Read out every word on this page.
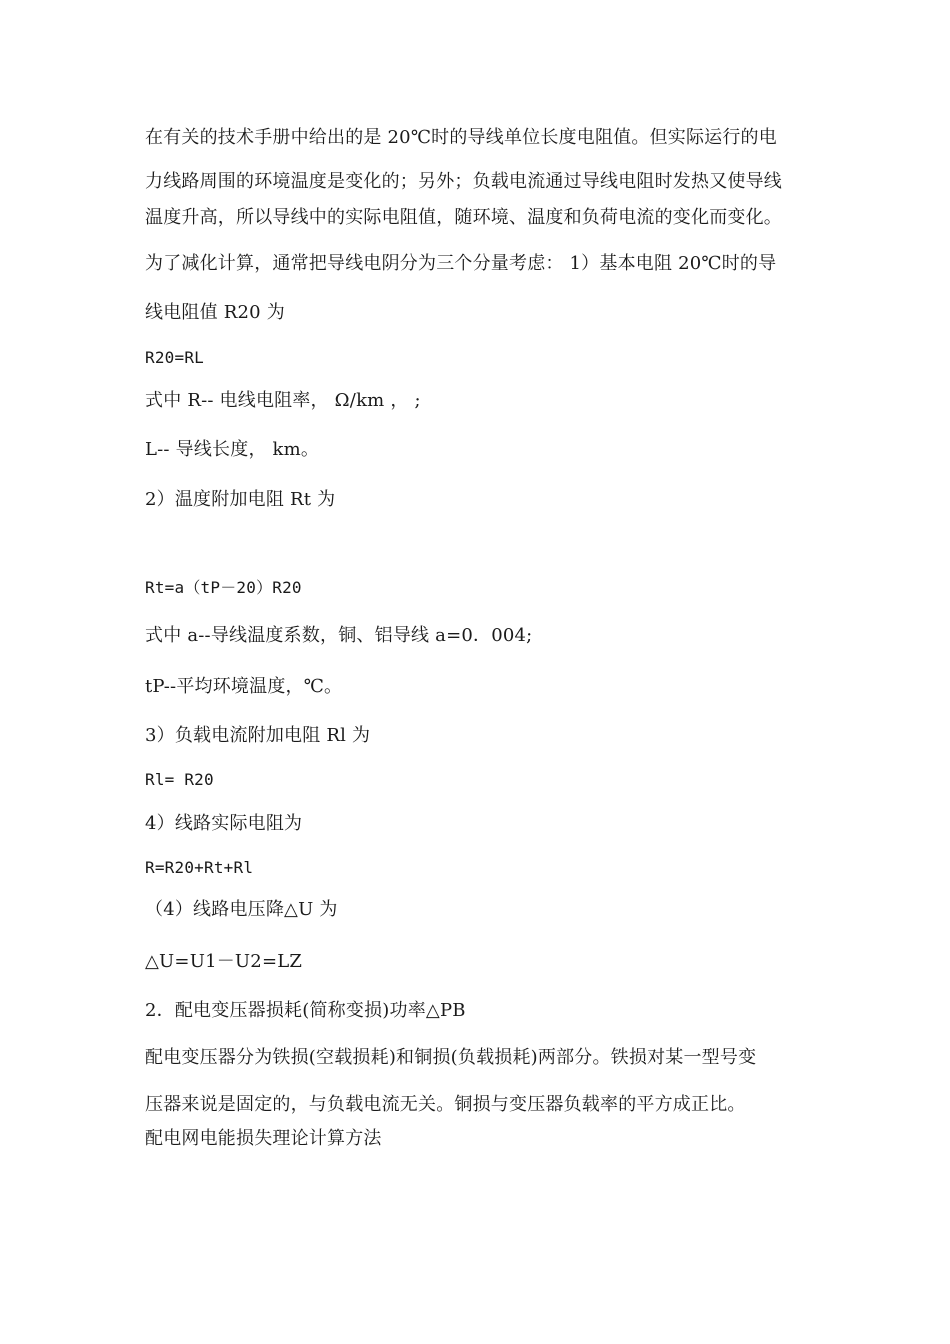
在有关的技术手册中给出的是 20℃时的导线单位长度电阻值。但实际运行的电
力线路周围的环境温度是变化的；另外；负载电流通过导线电阻时发热又使导线
温度升高，所以导线中的实际电阻值，随环境、温度和负荷电流的变化而变化。
为了减化计算，通常把导线电阴分为三个分量考虑： 1）基本电阻 20℃时的导
线电阻值 R20 为
R20=RL
式中 R-- 电线电阻率， Ω/km ， ;
L-- 导线长度， km。
2）温度附加电阻 Rt 为
Rt=a（tP－20）R20
式中 a--导线温度系数，铜、铝导线 a=0．004;
tP--平均环境温度，℃。
3）负载电流附加电阻 Rl 为
Rl= R20
4）线路实际电阻为
R=R20+Rt+Rl
（4）线路电压降△U 为
△U=U1－U2=LZ
2．配电变压器损耗(简称变损)功率△PB
配电变压器分为铁损(空载损耗)和铜损(负载损耗)两部分。铁损对某一型号变
压器来说是固定的，与负载电流无关。铜损与变压器负载率的平方成正比。
配电网电能损失理论计算方法
